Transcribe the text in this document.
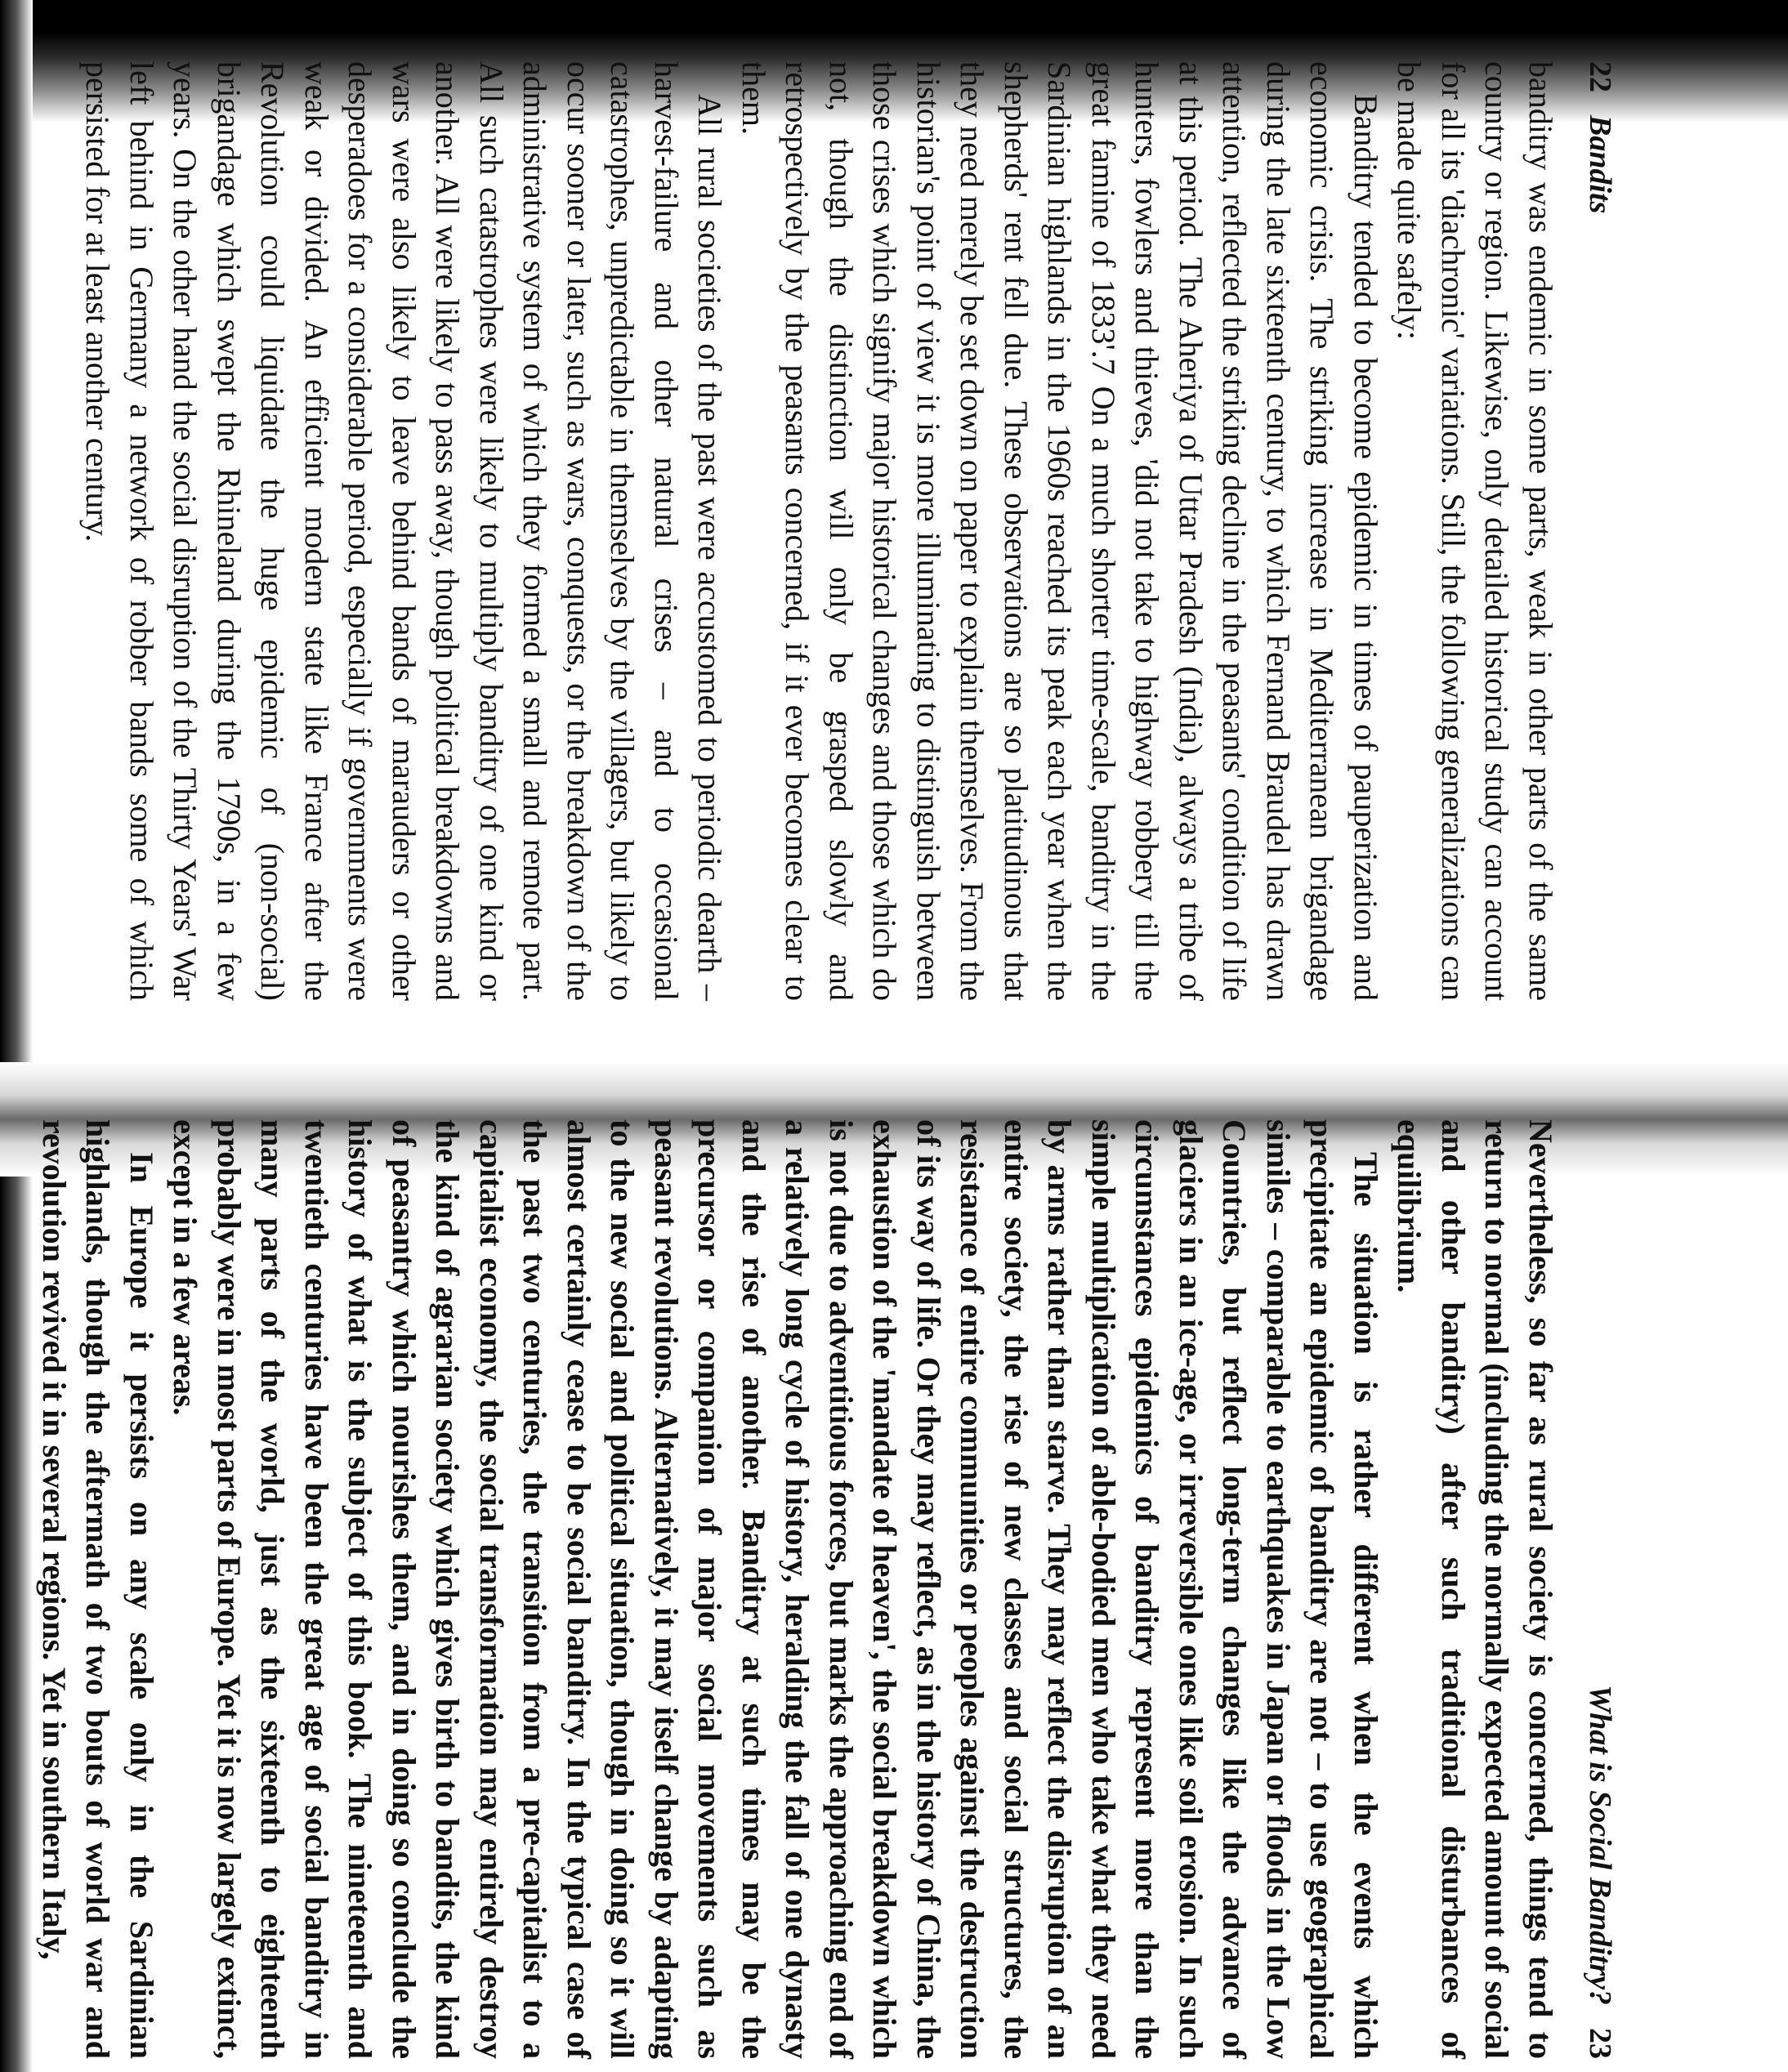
22Bandits

banditry was endemic in some parts, weak in other parts of the same country or region. Likewise, only detailed historical study can account for all its 'diachronic' variations. Still, the following generalizations can be made quite safely:

Banditry tended to become epidemic in times of pauperization and economic crisis. The striking increase in Mediterranean brigandage during the late sixteenth century, to which Fernand Braudel has drawn attention, reflected the striking decline in the peasants' condition of life at this period. The Aheriya of Uttar Pradesh (India), always a tribe of hunters, fowlers and thieves, 'did not take to highway robbery till the great famine of 1833'.7 On a much shorter time-scale, banditry in the Sardinian highlands in the 1960s reached its peak each year when the shepherds' rent fell due. These observations are so platitudinous that they need merely be set down on paper to explain themselves. From the historian's point of view it is more illuminating to distinguish between those crises which signify major historical changes and those which do not, though the distinction will only be grasped slowly and retrospectively by the peasants concerned, if it ever becomes clear to them.

All rural societies of the past were accustomed to periodic dearth – harvest-failure and other natural crises – and to occasional catastrophes, unpredictable in themselves by the villagers, but likely to occur sooner or later, such as wars, conquests, or the breakdown of the administrative system of which they formed a small and remote part. All such catastrophes were likely to multiply banditry of one kind or another. All were likely to pass away, though political breakdowns and wars were also likely to leave behind bands of marauders or other desperadoes for a considerable period, especially if governments were weak or divided. An efficient modern state like France after the Revolution could liquidate the huge epidemic of (non-social) brigandage which swept the Rhineland during the 1790s, in a few years. On the other hand the social disruption of the Thirty Years' War left behind in Germany a network of robber bands some of which persisted for at least another century.

What is Social Banditry?23

Nevertheless, so far as rural society is concerned, things tend to return to normal (including the normally expected amount of social and other banditry) after such traditional disturbances of equilibrium.

The situation is rather different when the events which precipitate an epidemic of banditry are not – to use geographical similes – comparable to earthquakes in Japan or floods in the Low Countries, but reflect long-term changes like the advance of glaciers in an ice-age, or irreversible ones like soil erosion. In such circumstances epidemics of banditry represent more than the simple multiplication of able-bodied men who take what they need by arms rather than starve. They may reflect the disruption of an entire society, the rise of new classes and social structures, the resistance of entire communities or peoples against the destruction of its way of life. Or they may reflect, as in the history of China, the exhaustion of the 'mandate of heaven', the social breakdown which is not due to adventitious forces, but marks the approaching end of a relatively long cycle of history, heralding the fall of one dynasty and the rise of another. Banditry at such times may be the precursor or companion of major social movements such as peasant revolutions. Alternatively, it may itself change by adapting to the new social and political situation, though in doing so it will almost certainly cease to be social banditry. In the typical case of the past two centuries, the transition from a pre-capitalist to a capitalist economy, the social transformation may entirely destroy the kind of agrarian society which gives birth to bandits, the kind of peasantry which nourishes them, and in doing so conclude the history of what is the subject of this book. The nineteenth and twentieth centuries have been the great age of social banditry in many parts of the world, just as the sixteenth to eighteenth probably were in most parts of Europe. Yet it is now largely extinct, except in a few areas.

In Europe it persists on any scale only in the Sardinian highlands, though the aftermath of two bouts of world war and revolution revived it in several regions. Yet in southern Italy,
